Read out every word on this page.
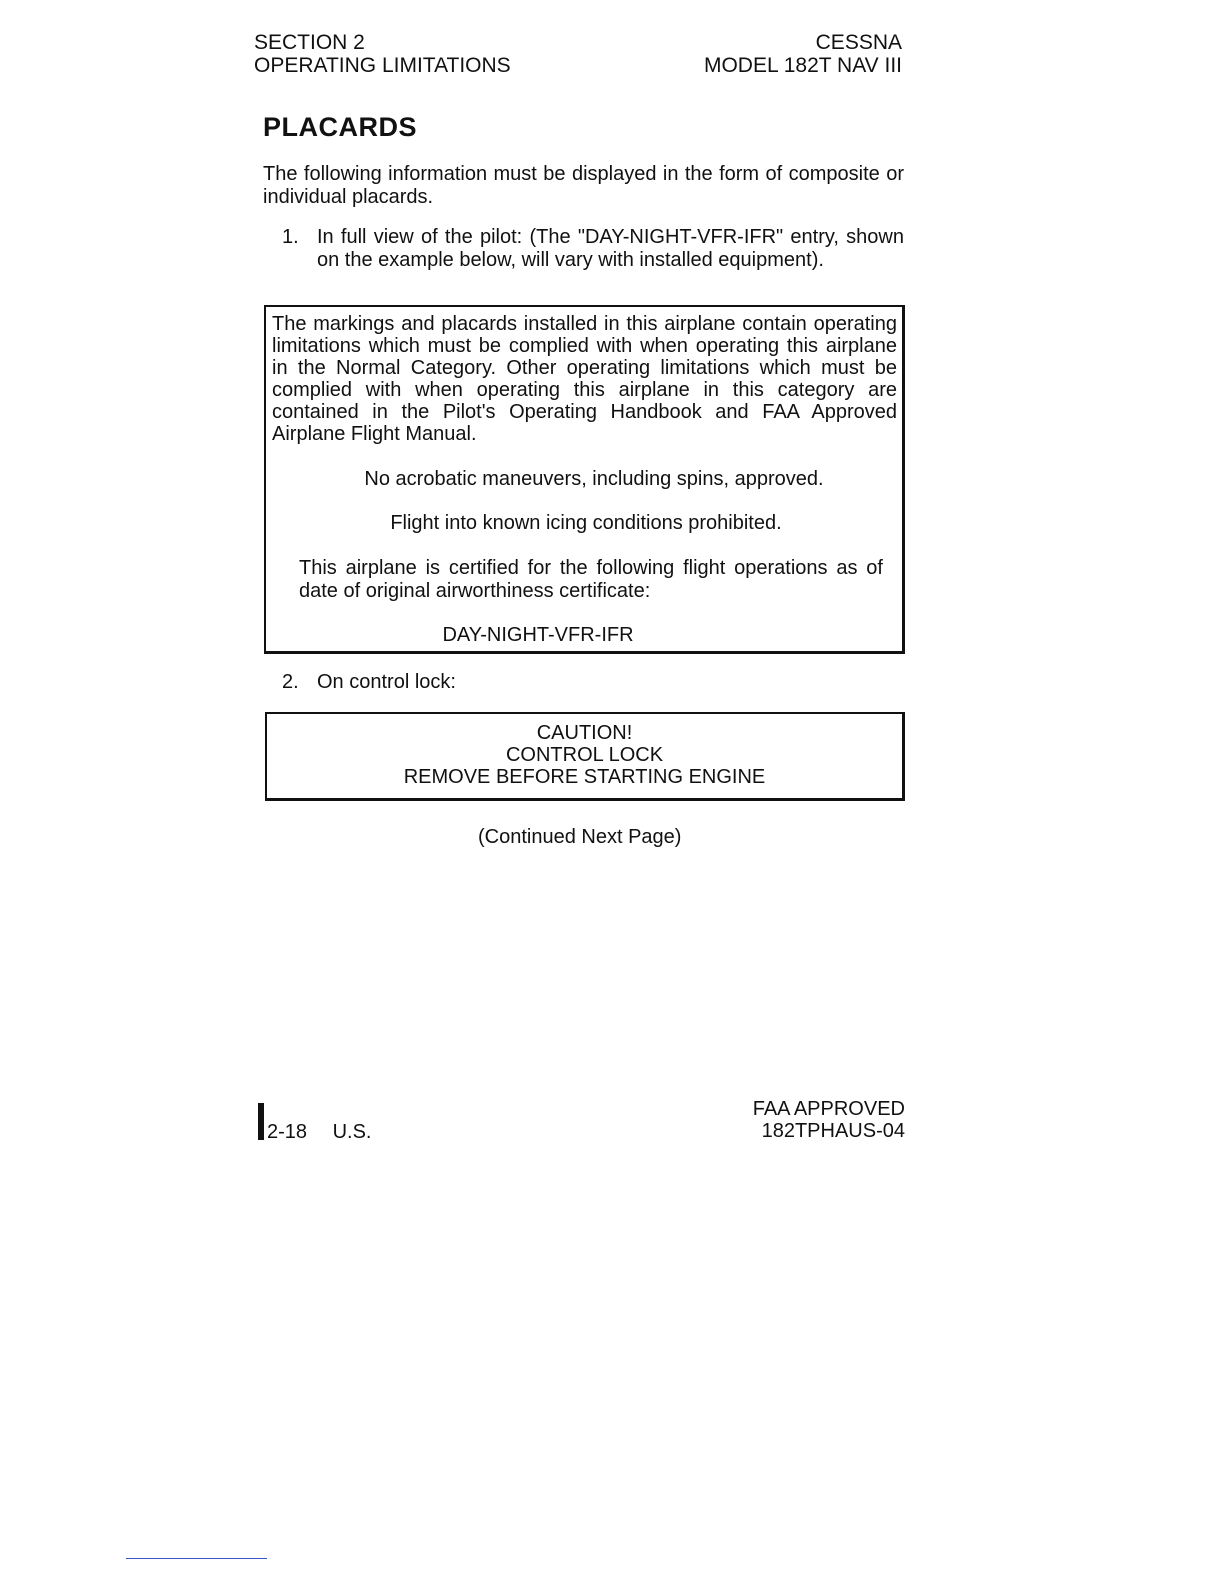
SECTION 2
OPERATING LIMITATIONS
CESSNA
MODEL 182T NAV III
PLACARDS
The following information must be displayed in the form of composite or individual placards.
1. In full view of the pilot: (The "DAY-NIGHT-VFR-IFR" entry, shown on the example below, will vary with installed equipment).
The markings and placards installed in this airplane contain operating limitations which must be complied with when operating this airplane in the Normal Category. Other operating limitations which must be complied with when operating this airplane in this category are contained in the Pilot's Operating Handbook and FAA Approved Airplane Flight Manual.
No acrobatic maneuvers, including spins, approved.
Flight into known icing conditions prohibited.
This airplane is certified for the following flight operations as of date of original airworthiness certificate:
DAY-NIGHT-VFR-IFR
2. On control lock:
CAUTION!
CONTROL LOCK
REMOVE BEFORE STARTING ENGINE
(Continued Next Page)
2-18 U.S.
FAA APPROVED
182TPHAUS-04
